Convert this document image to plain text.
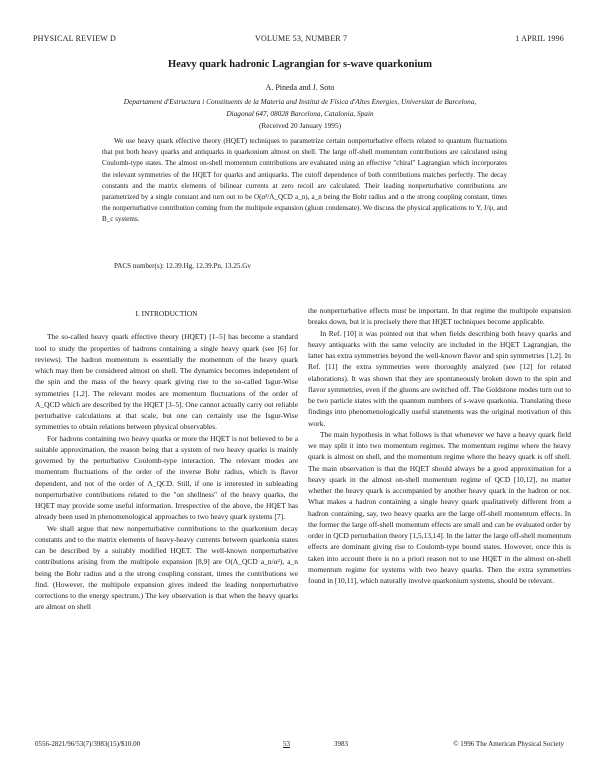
PHYSICAL REVIEW D	VOLUME 53, NUMBER 7	1 APRIL 1996
Heavy quark hadronic Lagrangian for s-wave quarkonium
A. Pineda and J. Soto
Departament d'Estructura i Constituents de la Materia and Institut de Física d'Altes Energies, Universitat de Barcelona,
Diagonal 647, 08028 Barcelona, Catalonia, Spain
(Received 20 January 1995)

We use heavy quark effective theory (HQET) techniques to parametrize certain nonperturbative effects related to quantum fluctuations that put both heavy quarks and antiquarks in quarkonium almost on shell. The large off-shell momentum contributions are calculated using Coulomb-type states. The almost on-shell momentum contributions are evaluated using an effective "chiral" Lagrangian which incorporates the relevant symmetries of the HQET for quarks and antiquarks. The cutoff dependence of both contributions matches perfectly. The decay constants and the matrix elements of bilinear currents at zero recoil are calculated. Their leading nonperturbative contributions are parametrized by a single constant and turn out to be O(α²/Λ_QCD a_n), a_n being the Bohr radius and α the strong coupling constant, times the nonperturbative contribution coming from the multipole expansion (gluon condensate). We discuss the physical applications to Υ, J/ψ, and B_c systems.

PACS number(s): 12.39.Hg, 12.39.Pn, 13.25.Gv

I. INTRODUCTION

The so-called heavy quark effective theory (HQET) [1–5] has become a standard tool to study the properties of hadrons containing a single heavy quark (see [6] for reviews). The hadron momentum is essentially the momentum of the heavy quark which may then be considered almost on shell. The dynamics becomes independent of the spin and the mass of the heavy quark giving rise to the so-called Isgur-Wise symmetries [1,2]. The relevant modes are momentum fluctuations of the order of Λ_QCD which are described by the HQET [3–5]. One cannot actually carry out reliable perturbative calculations at that scale, but one can certainly use the Isgur-Wise symmetries to obtain relations between physical observables.

For hadrons containing two heavy quarks or more the HQET is not believed to be a suitable approximation, the reason being that a system of two heavy quarks is mainly governed by the perturbative Coulomb-type interaction. The relevant modes are momentum fluctuations of the order of the inverse Bohr radius, which is flavor dependent, and not of the order of Λ_QCD. Still, if one is interested in subleading nonperturbative contributions related to the "on shellness" of the heavy quarks, the HQET may provide some useful information. Irrespective of the above, the HQET has already been used in phenomenological approaches to two heavy quark systems [7].

We shall argue that new nonperturbative contributions to the quarkonium decay constants and to the matrix elements of heavy-heavy currents between quarkonia states can be described by a suitably modified HQET. The well-known nonperturbative contributions arising from the multipole expansion [8,9] are O(Λ_QCD a_n/α²), a_n being the Bohr radius and α the strong coupling constant, times the contributions we find. (However, the multipole expansion gives indeed the leading nonperturbative corrections to the energy spectrum.) The key observation is that when the heavy quarks are almost on shell

the nonperturbative effects must be important. In that regime the multipole expansion breaks down, but it is precisely there that HQET techniques become applicable.

In Ref. [10] it was pointed out that when fields describing both heavy quarks and heavy antiquarks with the same velocity are included in the HQET Lagrangian, the latter has extra symmetries beyond the well-known flavor and spin symmetries [1,2]. In Ref. [11] the extra symmetries were thoroughly analyzed (see [12] for related elaborations). It was shown that they are spontaneously broken down to the spin and flavor symmetries, even if the gluons are switched off. The Goldstone modes turn out to be two particle states with the quantum numbers of s-wave quarkonia. Translating these findings into phenomenologically useful statements was the original motivation of this work.

The main hypothesis in what follows is that whenever we have a heavy quark field we may split it into two momentum regimes. The momentum regime where the heavy quark is almost on shell, and the momentum regime where the heavy quark is off shell. The main observation is that the HQET should always be a good approximation for a heavy quark in the almost on-shell momentum regime of QCD [10,12], no matter whether the heavy quark is accompanied by another heavy quark in the hadron or not. What makes a hadron containing a single heavy quark qualitatively different from a hadron containing, say, two heavy quarks are the large off-shell momentum effects. In the former the large off-shell momentum effects are small and can be evaluated order by order in QCD perturbation theory [1,5,13,14]. In the latter the large off-shell momentum effects are dominant giving rise to Coulomb-type bound states. However, once this is taken into account there is no a priori reason not to use HQET in the almost on-shell momentum regime for systems with two heavy quarks. Then the extra symmetries found in [10,11], which naturally involve quarkonium systems, should be relevant.

0556-2821/96/53(7)/3983(15)/$10.00	53	3983	© 1996 The American Physical Society
